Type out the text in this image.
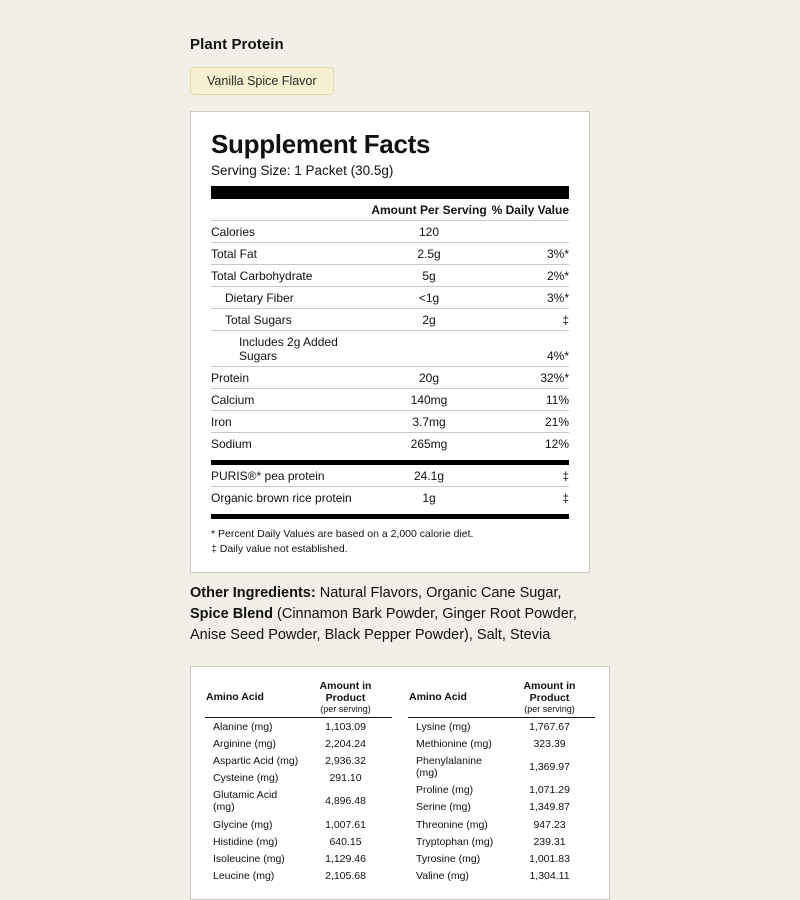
Plant Protein
Vanilla Spice Flavor
Supplement Facts
Serving Size: 1 Packet (30.5g)
	Amount Per Serving	% Daily Value
Calories	120	
Total Fat	2.5g	3%*
Total Carbohydrate	5g	2%*
Dietary Fiber	<1g	3%*
Total Sugars	2g	‡
Includes 2g Added Sugars		4%*
Protein	20g	32%*
Calcium	140mg	11%
Iron	3.7mg	21%
Sodium	265mg	12%
PURIS®* pea protein	24.1g	‡
Organic brown rice protein	1g	‡
* Percent Daily Values are based on a 2,000 calorie diet.
‡ Daily value not established.
Other Ingredients: Natural Flavors, Organic Cane Sugar, Spice Blend (Cinnamon Bark Powder, Ginger Root Powder, Anise Seed Powder, Black Pepper Powder), Salt, Stevia
Amino Acid	Amount in Product
(per serving)

Alanine (mg)	1,103.09
Arginine (mg)	2,204.24
Aspartic Acid (mg)	2,936.32
Cysteine (mg)	291.10
Glutamic Acid (mg)	4,896.48
Glycine (mg)	1,007.61
Histidine (mg)	640.15
Isoleucine (mg)	1,129.46
Leucine (mg)	2,105.68
Amino Acid	Amount in Product
(per serving)

Lysine (mg)	1,767.67
Methionine (mg)	323.39
Phenylalanine (mg)	1,369.97
Proline (mg)	1,071.29
Serine (mg)	1,349.87
Threonine (mg)	947.23
Tryptophan (mg)	239.31
Tyrosine (mg)	1,001.83
Valine (mg)	1,304.11
